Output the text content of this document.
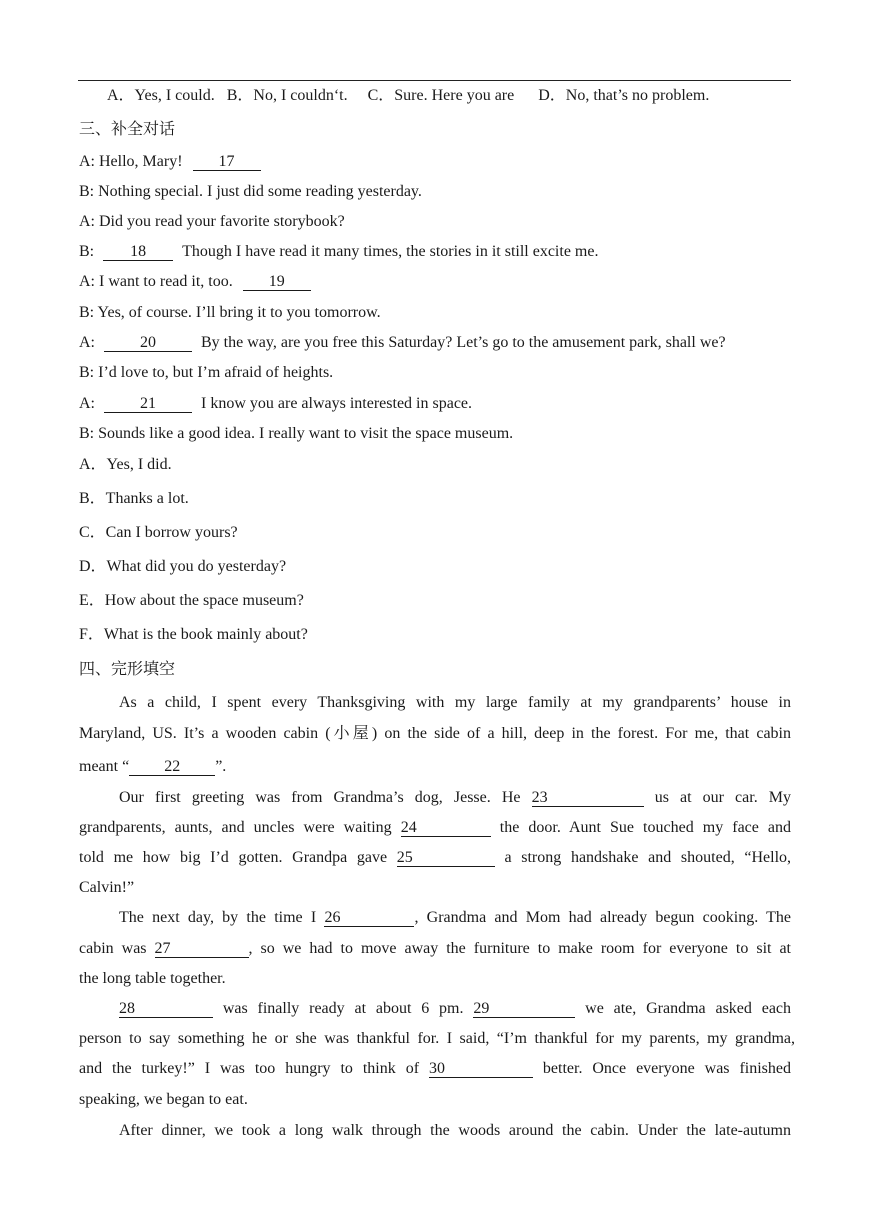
A．Yes, I could. B．No, I couldn‘t. C．Sure. Here you are D．No, that’s no problem.
三、补全对话
A: Hello, Mary! 17
B: Nothing special. I just did some reading yesterday.
A: Did you read your favorite storybook?
B: 18 Though I have read it many times, the stories in it still excite me.
A: I want to read it, too. 19
B: Yes, of course. I’ll bring it to you tomorrow.
A:	20	By the way, are you free this Saturday? Let’s go to the amusement park, shall we?
B: I’d love to, but I’m afraid of heights.
A:	21	I know you are always interested in space.
B: Sounds like a good idea. I really want to visit the space museum.
A．Yes, I did.
B．Thanks a lot.
C．Can I borrow yours?
D．What did you do yesterday?
E．How about the space museum?
F．What is the book mainly about?
四、完形填空
As a child, I spent every Thanksgiving with my large family at my grandparents’ house in
Maryland, US. It’s a wooden cabin (小屋) on the side of a hill, deep in the forest. For me, that cabin
meant “ 22 ”.
Our first greeting was from Grandma’s dog, Jesse. He 23	us at our car. My
grandparents, aunts, and uncles were waiting 24	the door. Aunt Sue touched my face and
told me how big I’d gotten. Grandpa gave 25	a strong handshake and shouted, “Hello,
Calvin!”
The next day, by the time I 26	, Grandma and Mom had already begun cooking. The
cabin was 27	, so we had to move away the furniture to make room for everyone to sit at
the long table together.
28	was finally ready at about 6 pm. 29	we ate, Grandma asked each
person to say something he or she was thankful for. I said, “I’m thankful for my parents, my grandma,
and the turkey!” I was too hungry to think of 30	better. Once everyone was finished
speaking, we began to eat.
After dinner, we took a long walk through the woods around the cabin. Under the late-autumn
